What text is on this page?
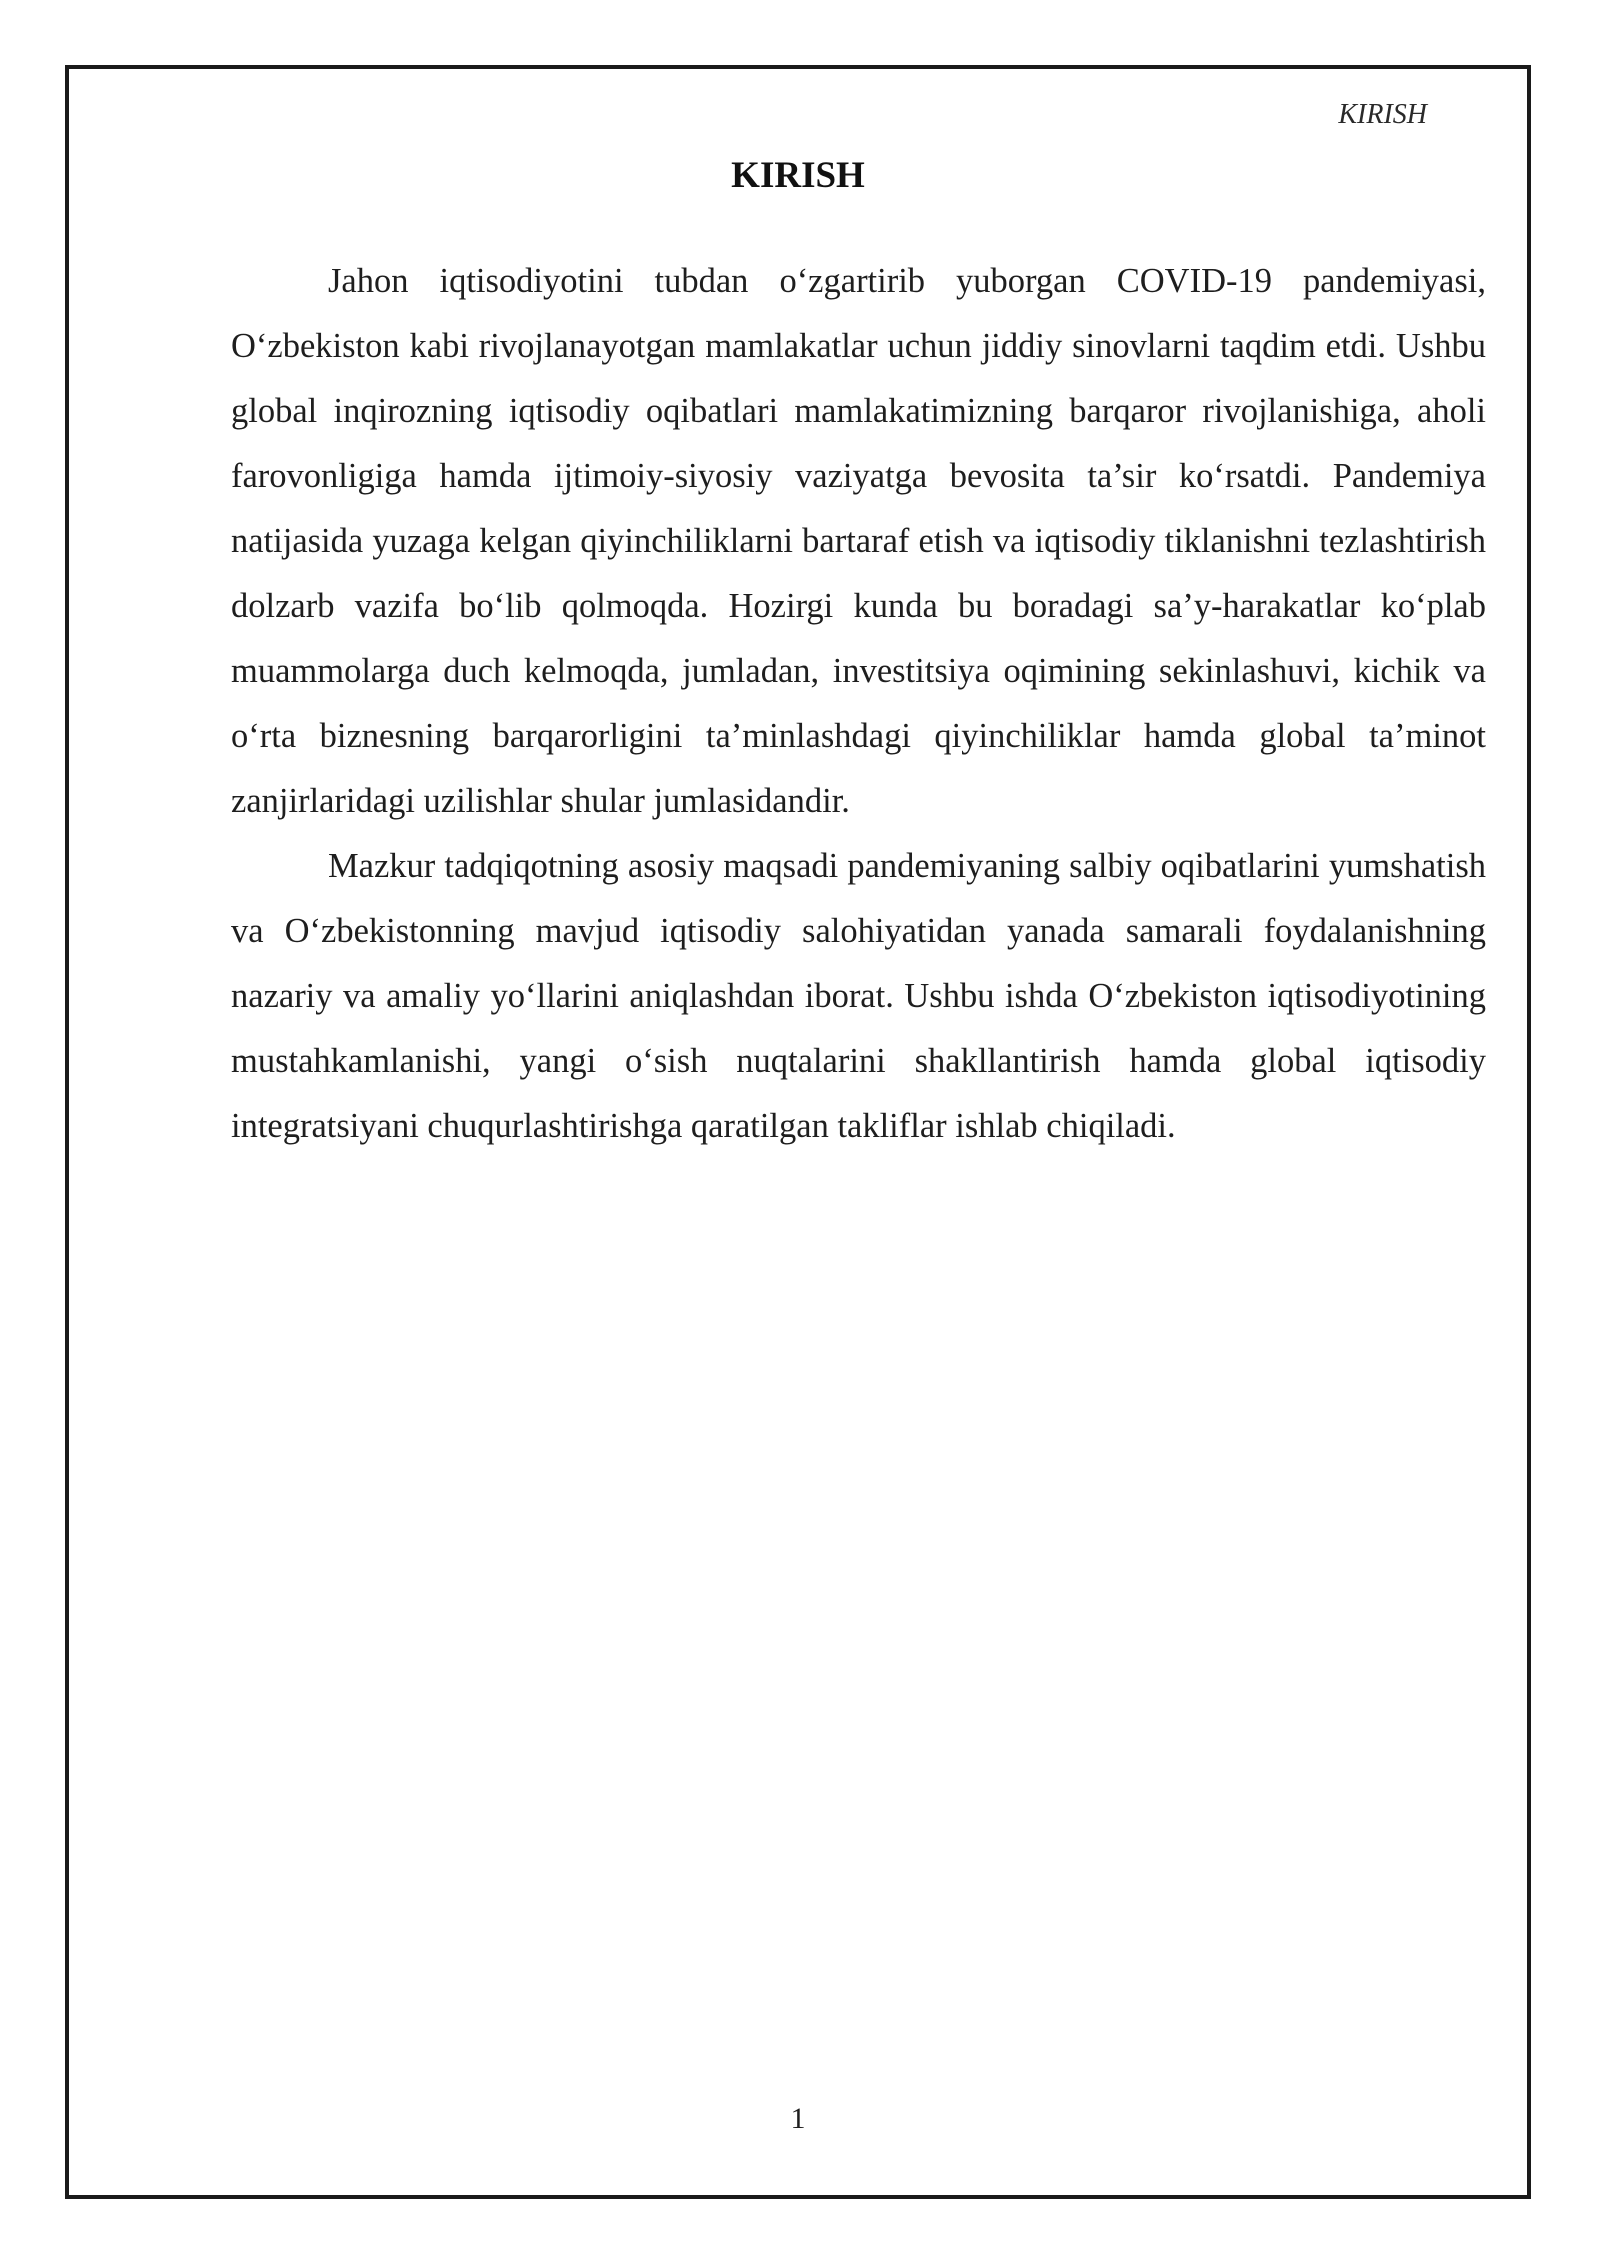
KIRISH
KIRISH

Jahon iqtisodiyotini tubdan oʻzgartirib yuborgan COVID-19 pandemiyasi, Oʻzbekiston kabi rivojlanayotgan mamlakatlar uchun jiddiy sinovlarni taqdim etdi. Ushbu global inqirozning iqtisodiy oqibatlari mamlakatimizning barqaror rivojlanishiga, aholi farovonligiga hamda ijtimoiy-siyosiy vaziyatga bevosita ta’sir koʻrsatdi. Pandemiya natijasida yuzaga kelgan qiyinchiliklarni bartaraf etish va iqtisodiy tiklanishni tezlashtirish dolzarb vazifa boʻlib qolmoqda. Hozirgi kunda bu boradagi sa’y-harakatlar koʻplab muammolarga duch kelmoqda, jumladan, investitsiya oqimining sekinlashuvi, kichik va oʻrta biznesning barqarorligini ta’minlashdagi qiyinchiliklar hamda global ta’minot zanjirlaridagi uzilishlar shular jumlasidandir.

Mazkur tadqiqotning asosiy maqsadi pandemiyaning salbiy oqibatlarini yumshatish va Oʻzbekistonning mavjud iqtisodiy salohiyatidan yanada samarali foydalanishning nazariy va amaliy yoʻllarini aniqlashdan iborat. Ushbu ishda Oʻzbekiston iqtisodiyotining mustahkamlanishi, yangi oʻsish nuqtalarini shakllantirish hamda global iqtisodiy integratsiyani chuqurlashtirishga qaratilgan takliflar ishlab chiqiladi.

1
